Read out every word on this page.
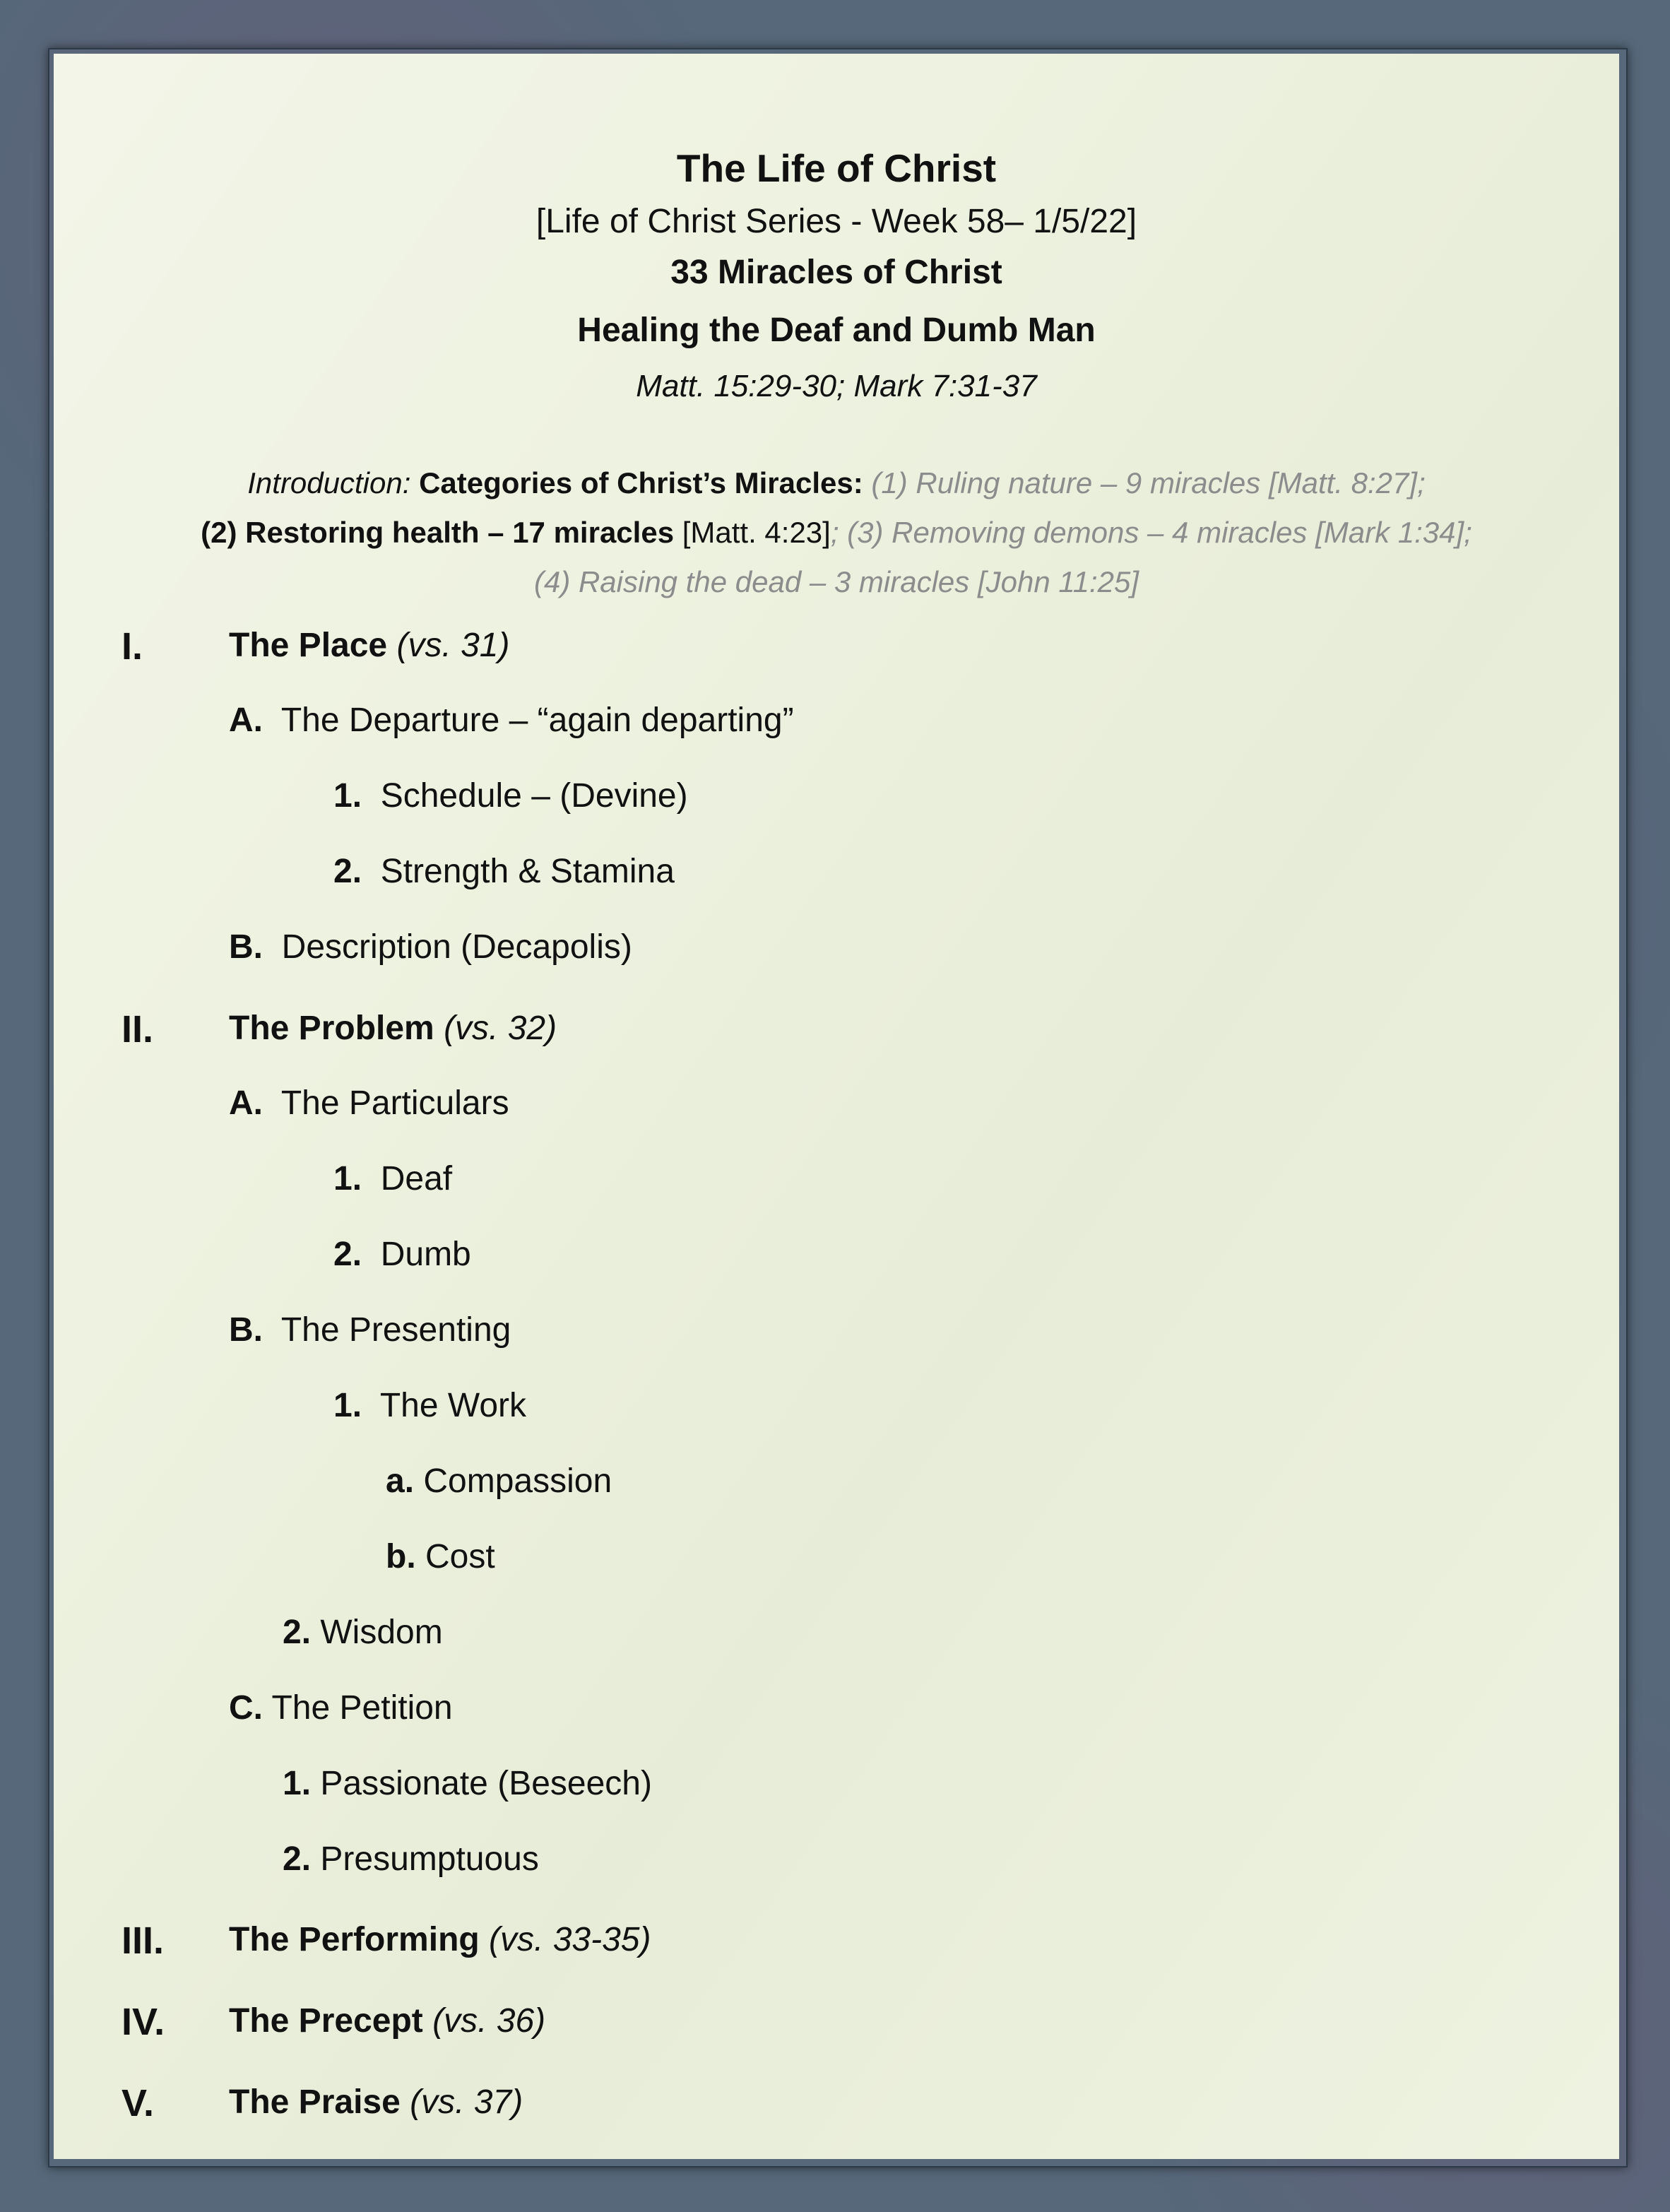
The Life of Christ
[Life of Christ Series - Week 58– 1/5/22]
33 Miracles of Christ
Healing the Deaf and Dumb Man
Matt. 15:29-30; Mark 7:31-37
Introduction: Categories of Christ’s Miracles: (1) Ruling nature – 9 miracles [Matt. 8:27];
(2) Restoring health – 17 miracles [Matt. 4:23]; (3) Removing demons – 4 miracles [Mark 1:34];
(4) Raising the dead – 3 miracles [John 11:25]
I.	The Place (vs. 31)
A. The Departure – “again departing”
1. Schedule – (Devine)
2. Strength & Stamina
B. Description (Decapolis)
II. The Problem (vs. 32)
A. The Particulars
1. Deaf
2. Dumb
B. The Presenting
1. The Work
a. Compassion
b. Cost
2. Wisdom
C. The Petition
1. Passionate (Beseech)
2. Presumptuous
III. The Performing (vs. 33-35)
IV. The Precept (vs. 36)
V. The Praise (vs. 37)
